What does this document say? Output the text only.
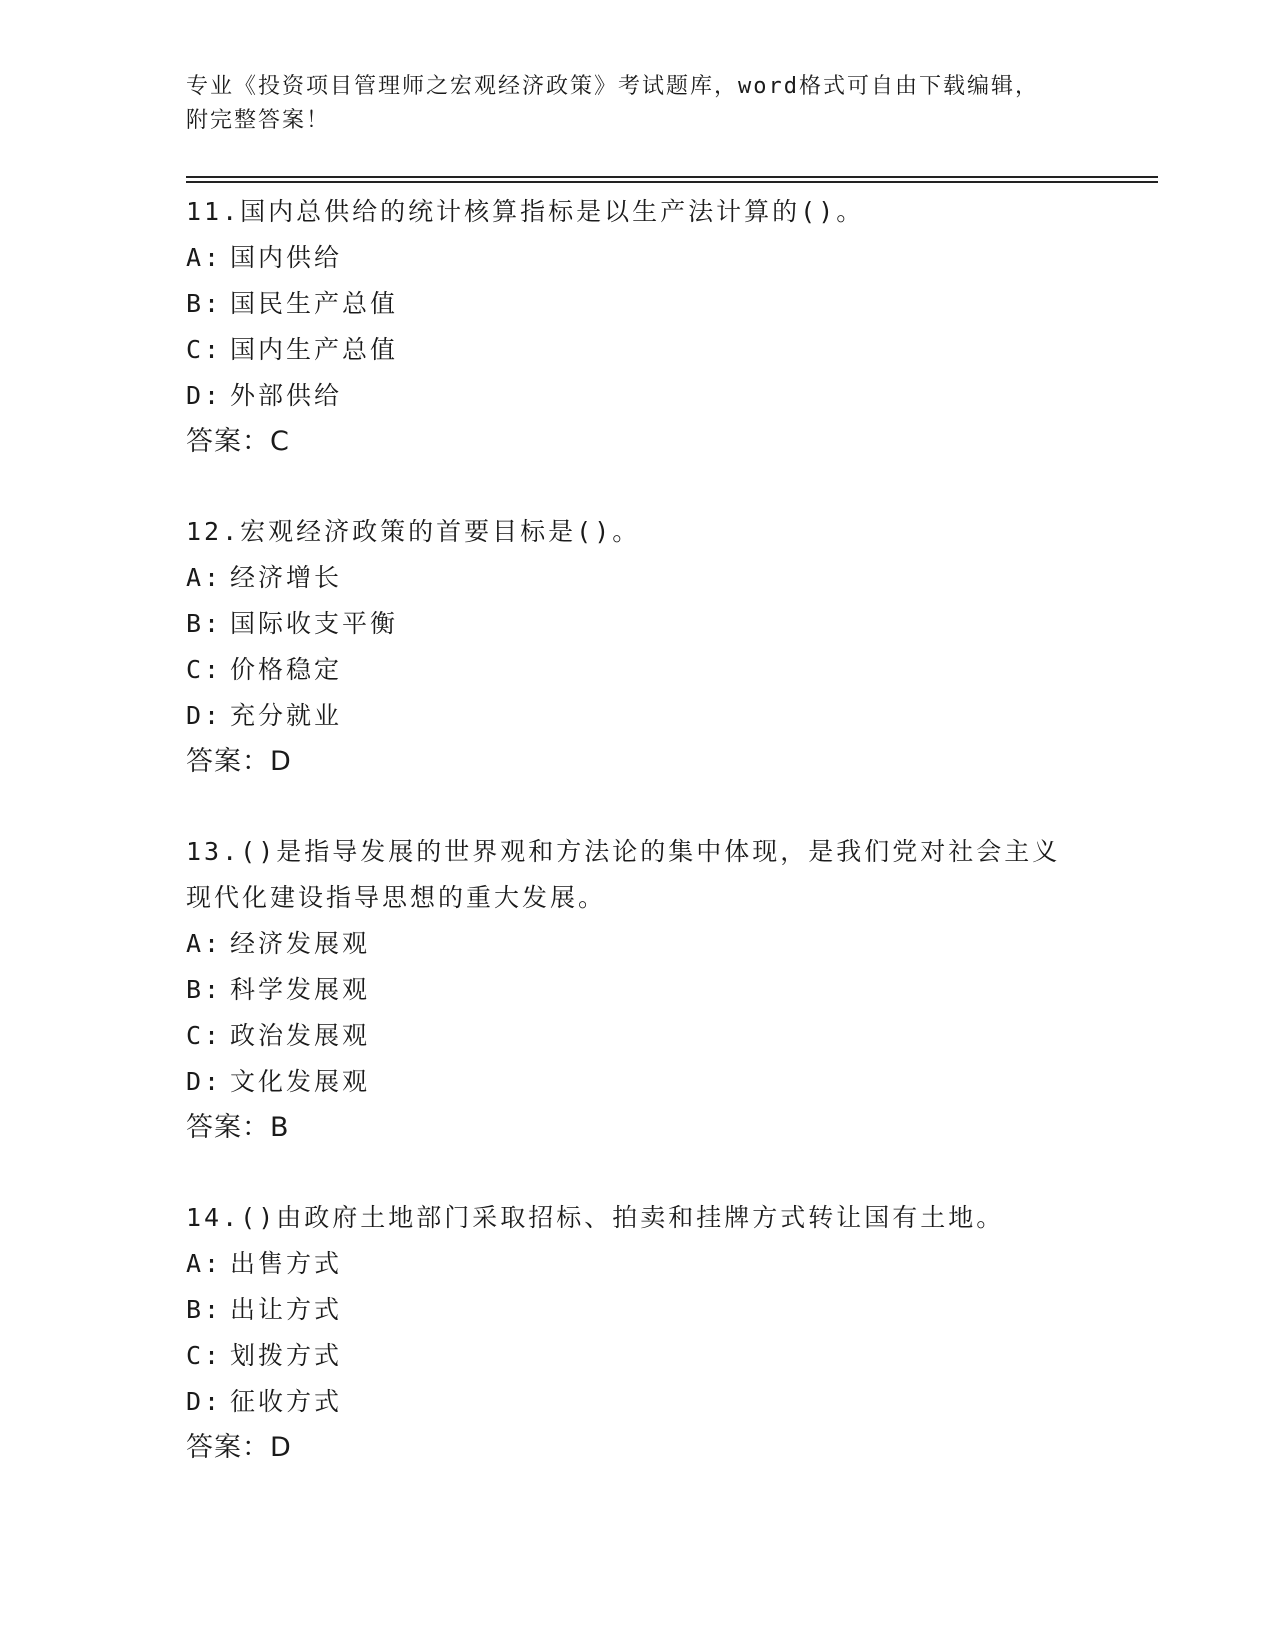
专业《投资项目管理师之宏观经济政策》考试题库，word格式可自由下载编辑，
附完整答案！
11.国内总供给的统计核算指标是以生产法计算的()。
A: 国内供给
B: 国民生产总值
C: 国内生产总值
D: 外部供给
答案：C
12.宏观经济政策的首要目标是()。
A: 经济增长
B: 国际收支平衡
C: 价格稳定
D: 充分就业
答案：D
13.()是指导发展的世界观和方法论的集中体现，是我们党对社会主义现代化建设指导思想的重大发展。
A: 经济发展观
B: 科学发展观
C: 政治发展观
D: 文化发展观
答案：B
14.()由政府土地部门采取招标、拍卖和挂牌方式转让国有土地。
A: 出售方式
B: 出让方式
C: 划拨方式
D: 征收方式
答案：D
